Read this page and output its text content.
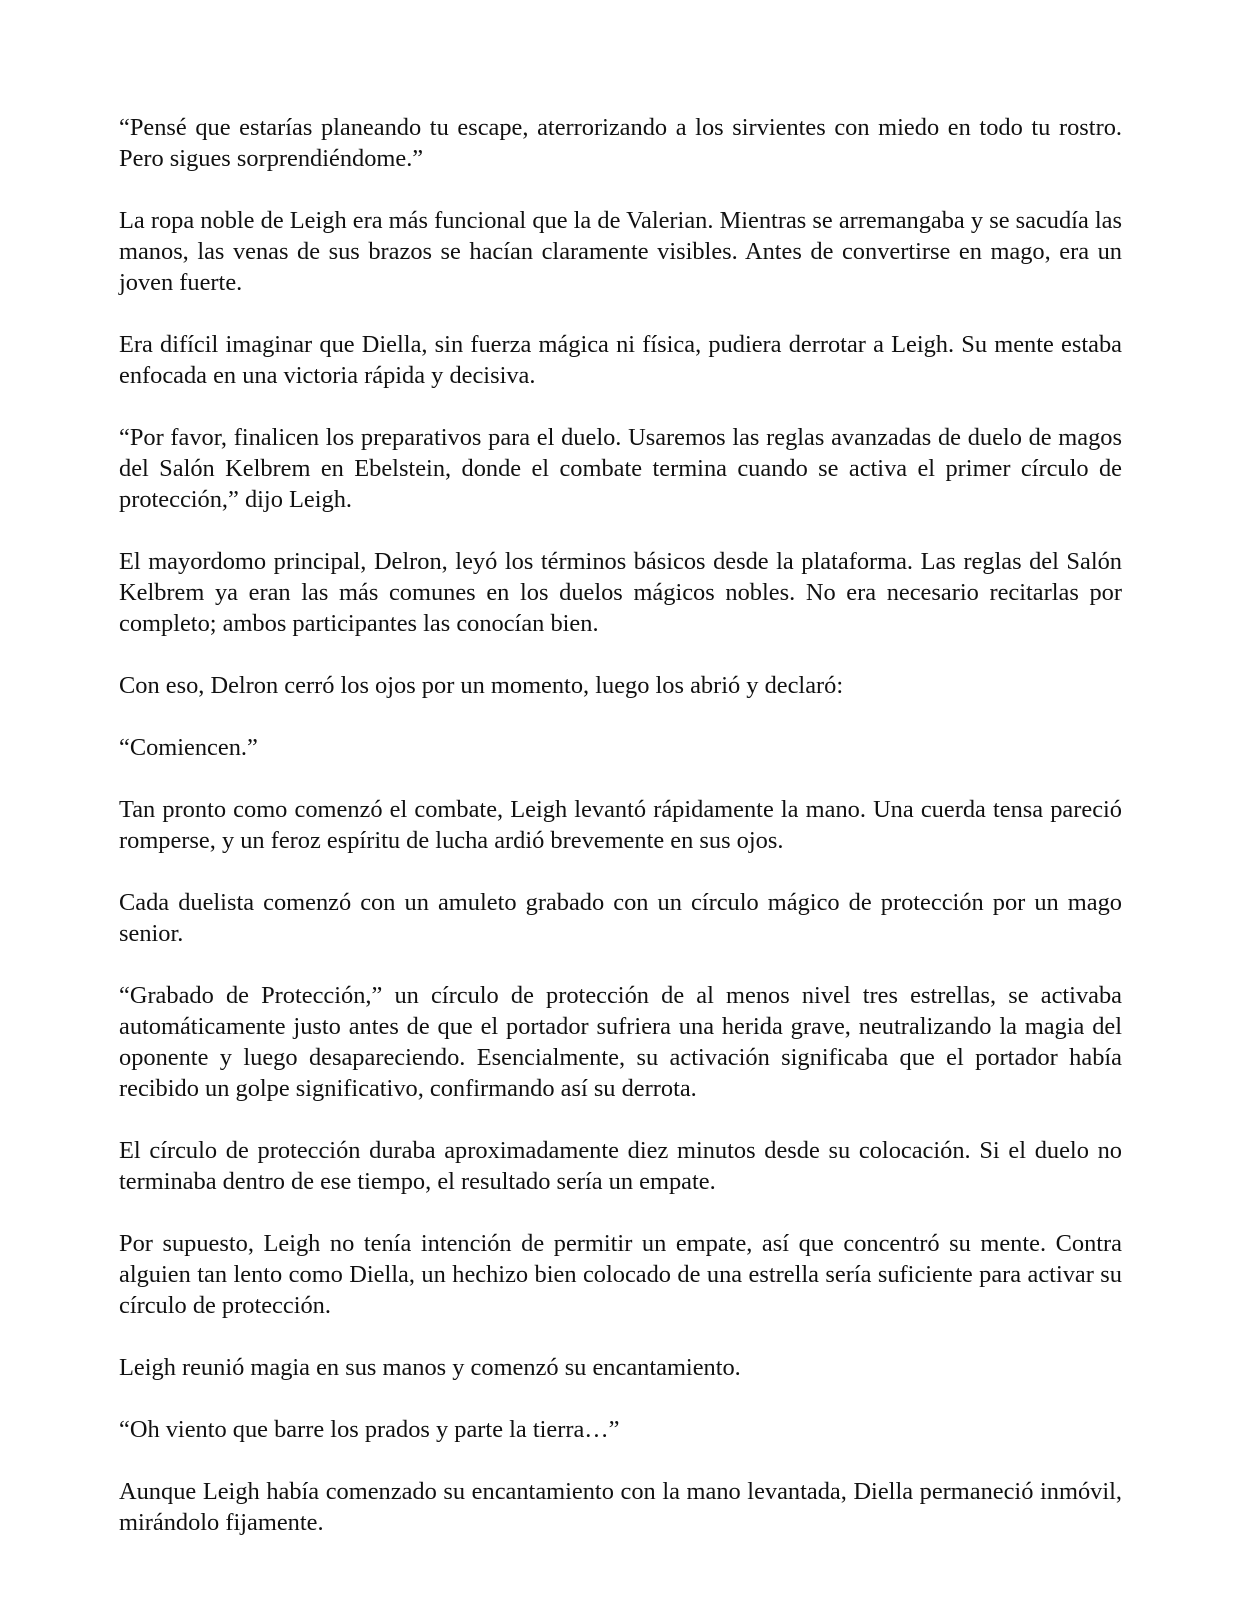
“Pensé que estarías planeando tu escape, aterrorizando a los sirvientes con miedo en todo tu rostro. Pero sigues sorprendiéndome.”

La ropa noble de Leigh era más funcional que la de Valerian. Mientras se arremangaba y se sacudía las manos, las venas de sus brazos se hacían claramente visibles. Antes de convertirse en mago, era un joven fuerte.

Era difícil imaginar que Diella, sin fuerza mágica ni física, pudiera derrotar a Leigh. Su mente estaba enfocada en una victoria rápida y decisiva.

“Por favor, finalicen los preparativos para el duelo. Usaremos las reglas avanzadas de duelo de magos del Salón Kelbrem en Ebelstein, donde el combate termina cuando se activa el primer círculo de protección,” dijo Leigh.

El mayordomo principal, Delron, leyó los términos básicos desde la plataforma. Las reglas del Salón Kelbrem ya eran las más comunes en los duelos mágicos nobles. No era necesario recitarlas por completo; ambos participantes las conocían bien.

Con eso, Delron cerró los ojos por un momento, luego los abrió y declaró:

“Comiencen.”

Tan pronto como comenzó el combate, Leigh levantó rápidamente la mano. Una cuerda tensa pareció romperse, y un feroz espíritu de lucha ardió brevemente en sus ojos.

Cada duelista comenzó con un amuleto grabado con un círculo mágico de protección por un mago senior.

“Grabado de Protección,” un círculo de protección de al menos nivel tres estrellas, se activaba automáticamente justo antes de que el portador sufriera una herida grave, neutralizando la magia del oponente y luego desapareciendo. Esencialmente, su activación significaba que el portador había recibido un golpe significativo, confirmando así su derrota.

El círculo de protección duraba aproximadamente diez minutos desde su colocación. Si el duelo no terminaba dentro de ese tiempo, el resultado sería un empate.

Por supuesto, Leigh no tenía intención de permitir un empate, así que concentró su mente. Contra alguien tan lento como Diella, un hechizo bien colocado de una estrella sería suficiente para activar su círculo de protección.

Leigh reunió magia en sus manos y comenzó su encantamiento.

“Oh viento que barre los prados y parte la tierra…”

Aunque Leigh había comenzado su encantamiento con la mano levantada, Diella permaneció inmóvil, mirándolo fijamente.
